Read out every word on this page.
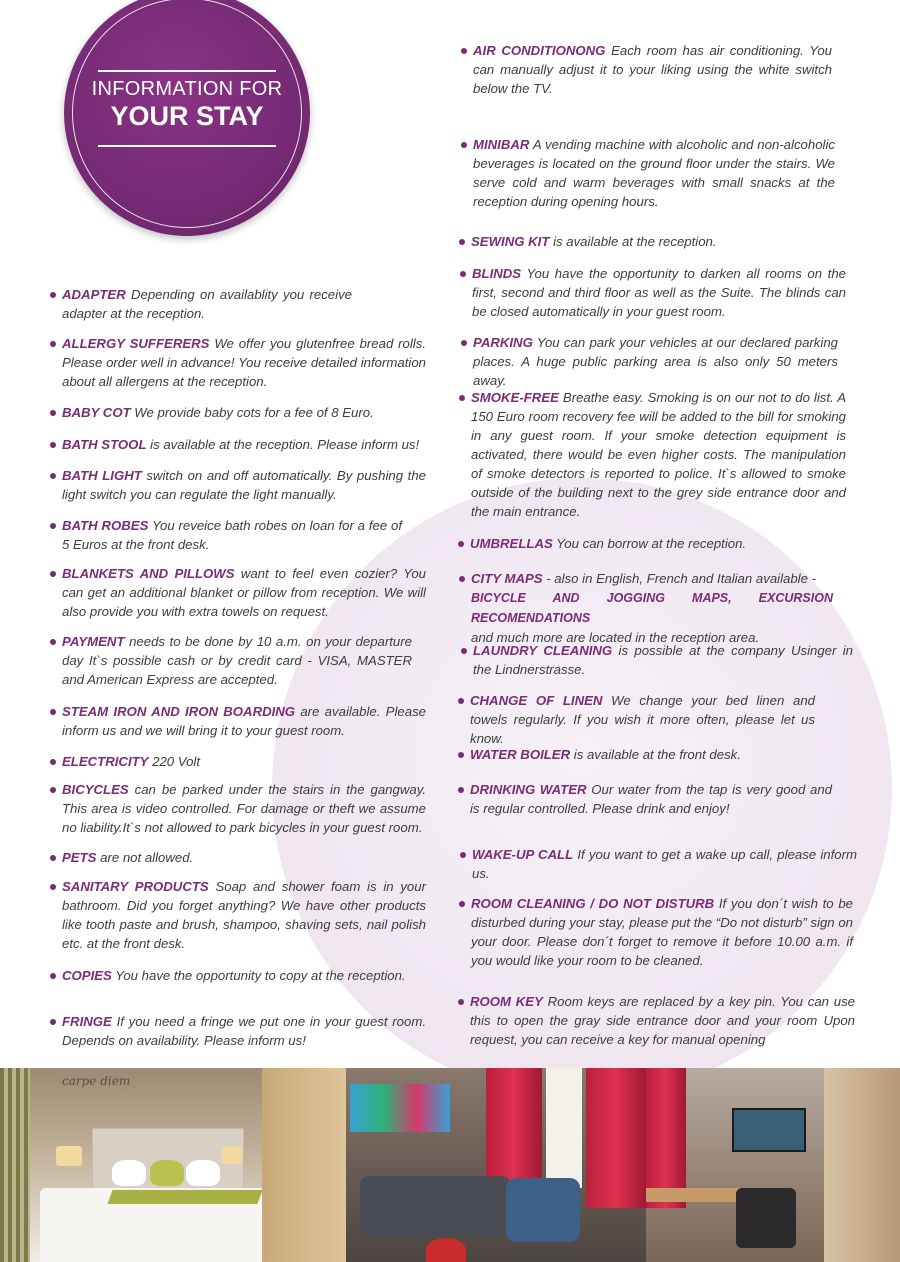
INFORMATION FOR
YOUR STAY

ADAPTER Depending on availablity you receive adapter at the reception.

ALLERGY SUFFERERS We offer you glutenfree bread rolls. Please order well in advance! You receive detailed information about all allergens at the reception.

BABY COT We provide baby cots for a fee of 8 Euro.

BATH STOOL is available at the reception. Please inform us!

BATH LIGHT switch on and off automatically. By pushing the light switch you can regulate the light manually.

BATH ROBES You reveice bath robes on loan for a fee of 5 Euros at the front desk.

BLANKETS AND PILLOWS want to feel even cozier? You can get an additional blanket or pillow from reception. We will also provide you with extra towels on request.

PAYMENT needs to be done by 10 a.m. on your departure day It`s possible cash or by credit card - VISA, MASTER and American Express are accepted.

STEAM IRON AND IRON BOARDING are available. Please inform us and we will bring it to your guest room.

ELECTRICITY 220 Volt

BICYCLES can be parked under the stairs in the gangway. This area is video controlled. For damage or theft we assume no liability.It`s not allowed to park bicycles in your guest room.

PETS are not allowed.

SANITARY PRODUCTS Soap and shower foam is in your bathroom. Did you forget anything? We have other products like tooth paste and brush, shampoo, shaving sets, nail polish etc. at the front desk.

COPIES You have the opportunity to copy at the reception.

FRINGE If you need a fringe we put one in your guest room. Depends on availability. Please inform us!

AIR CONDITIONONG Each room has air conditioning. You can manually adjust it to your liking using the white switch below the TV.

MINIBAR A vending machine with alcoholic and non-alcoholic beverages is located on the ground floor under the stairs. We serve cold and warm beverages with small snacks at the reception during opening hours.

SEWING KIT is available at the reception.

BLINDS You have the opportunity to darken all rooms on the first, second and third floor as well as the Suite. The blinds can be closed automatically in your guest room.

PARKING You can park your vehicles at our declared parking places. A huge public parking area is also only 50 meters away.

SMOKE-FREE Breathe easy. Smoking is on our not to do list. A 150 Euro room recovery fee will be added to the bill for smoking in any guest room. If your smoke detection equipment is activated, there would be even higher costs. The manipulation of smoke detectors is reported to police. It`s allowed to smoke outside of the building next to the grey side entrance door and the main entrance.

UMBRELLAS You can borrow at the reception.

CITY MAPS - also in English, French and Italian available -
BICYCLE AND JOGGING MAPS, EXCURSION RECOMENDATIONS
and much more are located in the reception area.

LAUNDRY CLEANING is possible at the company Usinger in the Lindnerstrasse.

CHANGE OF LINEN We change your bed linen and towels regularly. If you wish it more often, please let us know.

WATER BOILER is available at the front desk.

DRINKING WATER Our water from the tap is very good and is regular controlled. Please drink and enjoy!

WAKE-UP CALL If you want to get a wake up call, please inform us.

ROOM CLEANING / DO NOT DISTURB If you don´t wish to be disturbed during your stay, please put the “Do not disturb” sign on your door. Please don´t forget to remove it before 10.00 a.m. if you would like your room to be cleaned.

ROOM KEY Room keys are replaced by a key pin. You can use this to open the gray side entrance door and your room Upon request, you can receive a key for manual opening

carpe diem
